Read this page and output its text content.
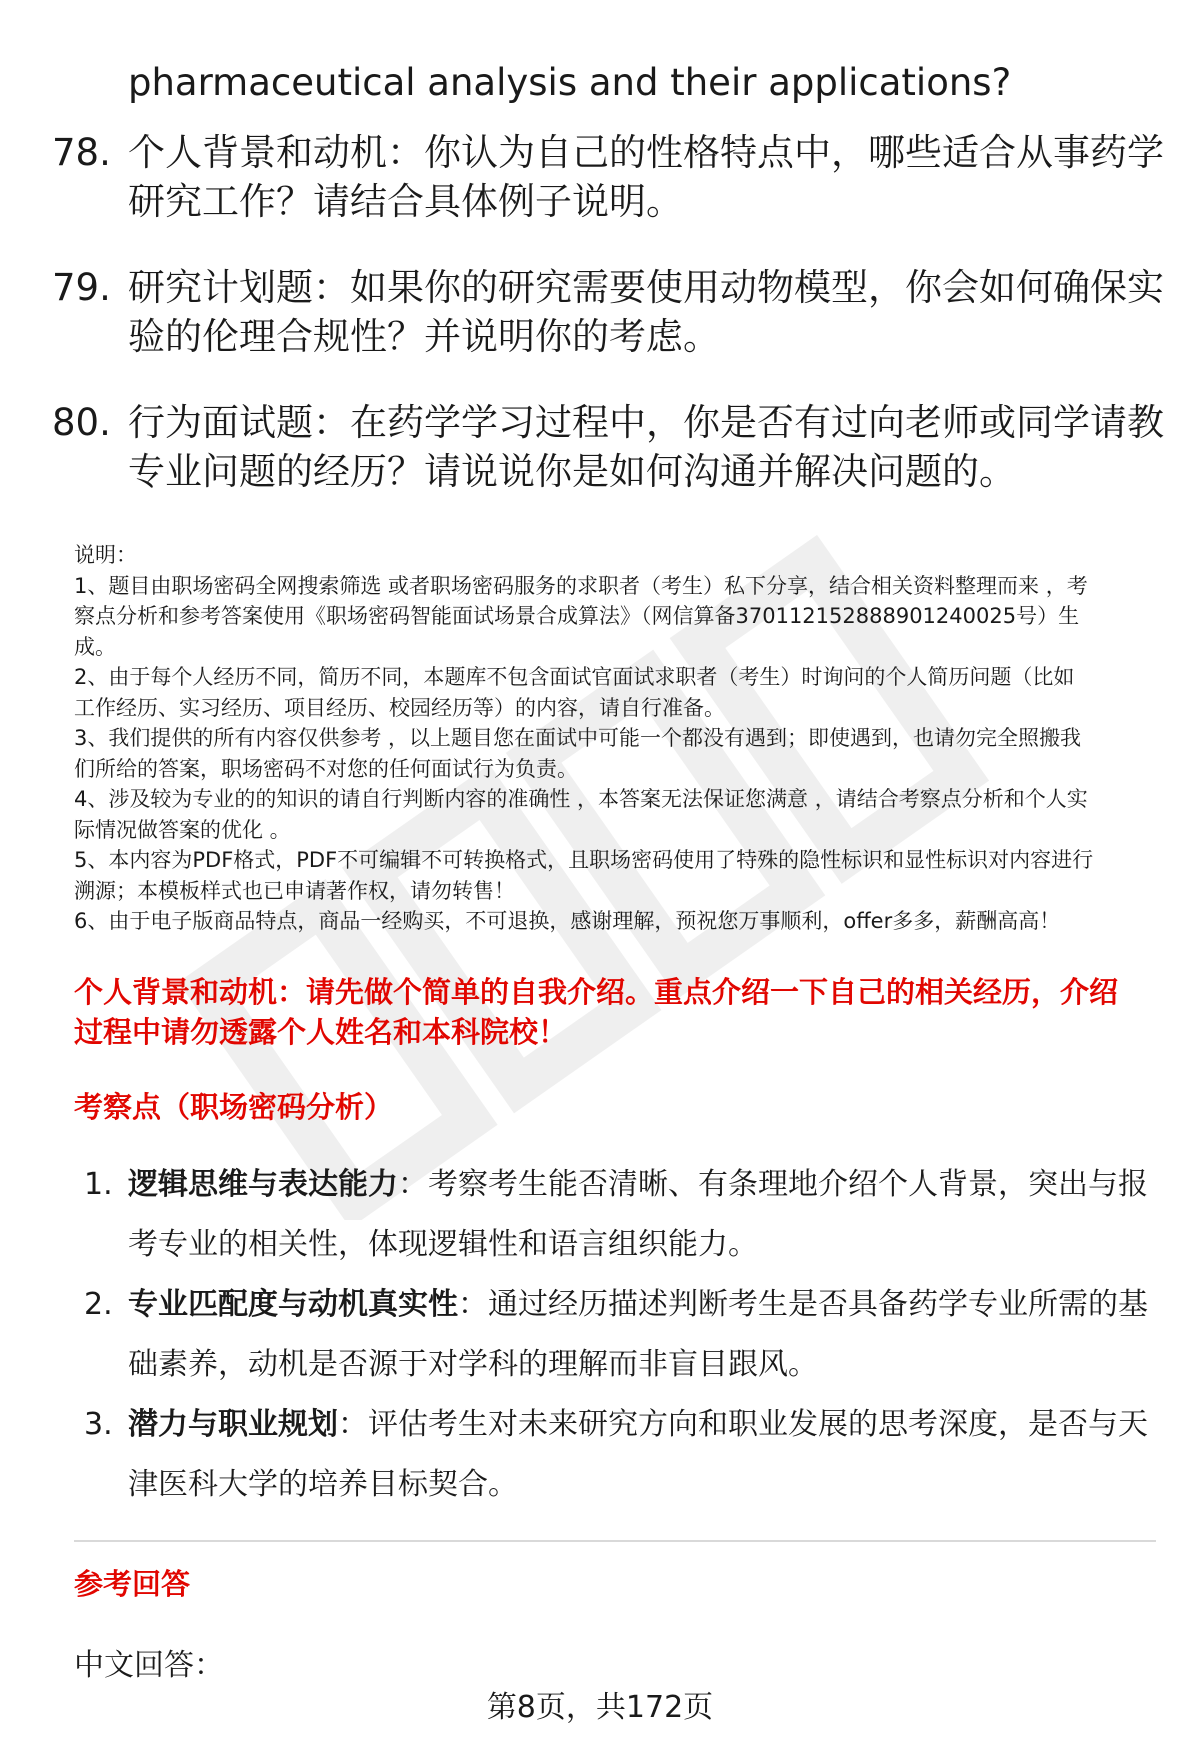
pharmaceutical analysis and their applications?
78. 个人背景和动机：你认为自己的性格特点中，哪些适合从事药学
研究工作？请结合具体例子说明。
79. 研究计划题：如果你的研究需要使用动物模型，你会如何确保实
验的伦理合规性？并说明你的考虑。
80. 行为面试题：在药学学习过程中，你是否有过向老师或同学请教
专业问题的经历？请说说你是如何沟通并解决问题的。

说明：

1、题目由职场密码全网搜索筛选 或者职场密码服务的求职者（考生）私下分享，结合相关资料整理而来 ，考

察点分析和参考答案使用《职场密码智能面试场景合成算法》（网信算备370112152888901240025号）生

成。

2、由于每个人经历不同，简历不同，本题库不包含面试官面试求职者（考生）时询问的个人简历问题（比如

工作经历、实习经历、项目经历、校园经历等）的内容，请自行准备。

3、我们提供的所有内容仅供参考 ，以上题目您在面试中可能一个都没有遇到；即使遇到，也请勿完全照搬我

们所给的答案，职场密码不对您的任何面试行为负责。

4、涉及较为专业的的知识的请自行判断内容的准确性 ，本答案无法保证您满意 ，请结合考察点分析和个人实

际情况做答案的优化 。

5、本内容为PDF格式，PDF不可编辑不可转换格式，且职场密码使用了特殊的隐性标识和显性标识对内容进行

溯源；本模板样式也已申请著作权，请勿转售！

6、由于电子版商品特点，商品一经购买，不可退换，感谢理解，预祝您万事顺利，offer多多，薪酬高高！

个人背景和动机：请先做个简单的自我介绍。重点介绍一下自己的相关经历，介绍
过程中请勿透露个人姓名和本科院校！
考察点（职场密码分析）
1. 逻辑思维与表达能力：考察考生能否清晰、有条理地介绍个人背景，突出与报
考专业的相关性，体现逻辑性和语言组织能力。
2. 专业匹配度与动机真实性：通过经历描述判断考生是否具备药学专业所需的基
础素养，动机是否源于对学科的理解而非盲目跟风。
3. 潜力与职业规划：评估考生对未来研究方向和职业发展的思考深度，是否与天
津医科大学的培养目标契合。
参考回答
中文回答：
第8页，共172页
